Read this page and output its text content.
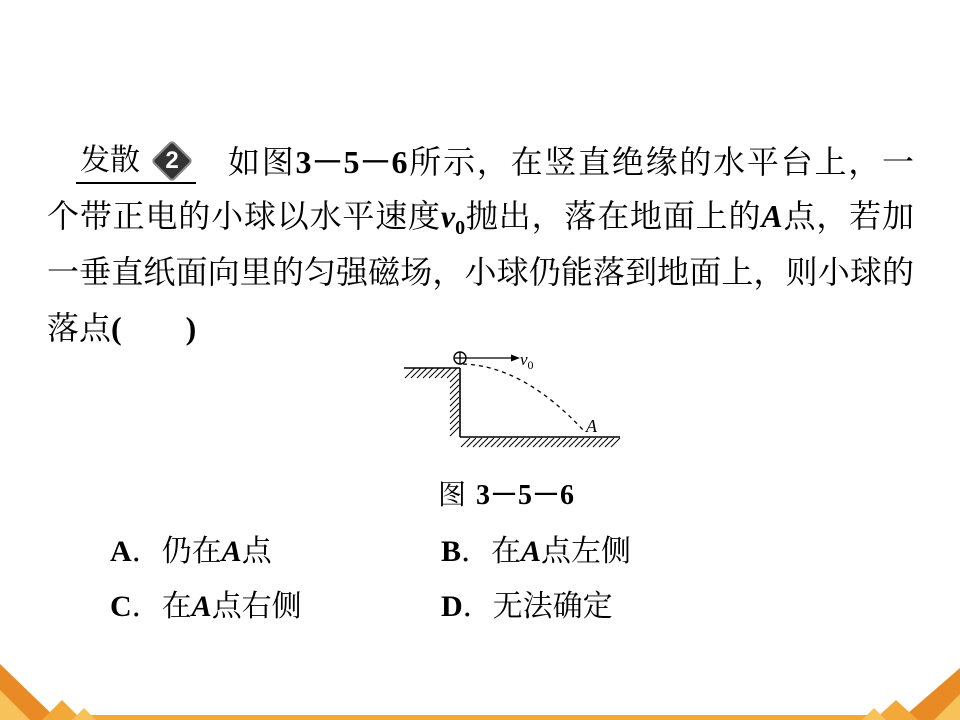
发散	2 如图3－5－6所示，在竖直绝缘的水平台上，一
个带正电的小球以水平速度$v_0$抛出，落在地面上的A点，若加
一垂直纸面向里的匀强磁场，小球仍能落到地面上，则小球的
落点(　　)
$v_0$
A
图 3－5－6
A．仍在A点	B．在A点左侧
C．在A点右侧	D．无法确定
